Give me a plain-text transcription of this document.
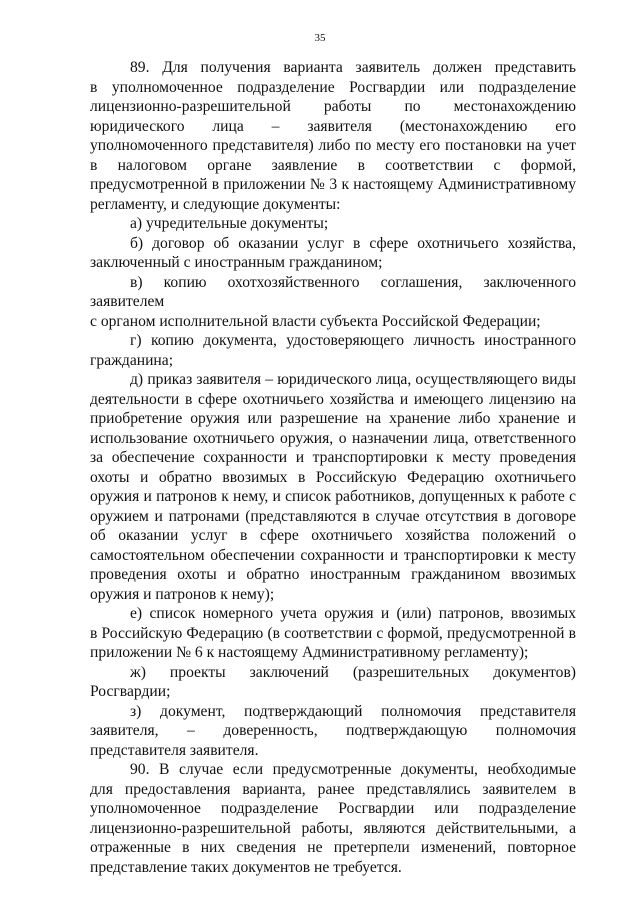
35

89. Для получения варианта заявитель должен представить
в уполномоченное подразделение Росгвардии или подразделение лицензионно-разрешительной работы по местонахождению юридического лица – заявителя (местонахождению его уполномоченного представителя) либо по месту его постановки на учет в налоговом органе заявление в соответствии с формой, предусмотренной в приложении № 3 к настоящему Административному регламенту, и следующие документы:

а) учредительные документы;

б) договор об оказании услуг в сфере охотничьего хозяйства,
заключенный с иностранным гражданином;

в) копию охотхозяйственного соглашения, заключенного заявителем
с органом исполнительной власти субъекта Российской Федерации;

г) копию документа, удостоверяющего личность иностранного
гражданина;

д) приказ заявителя – юридического лица, осуществляющего виды
деятельности в сфере охотничьего хозяйства и имеющего лицензию на приобретение оружия или разрешение на хранение либо хранение и использование охотничьего оружия, о назначении лица, ответственного за обеспечение сохранности и транспортировки к месту проведения охоты и обратно ввозимых в Российскую Федерацию охотничьего оружия и патронов к нему, и список работников, допущенных к работе с оружием и патронами (представляются в случае отсутствия в договоре об оказании услуг в сфере охотничьего хозяйства положений о самостоятельном обеспечении сохранности и транспортировки к месту проведения охоты и обратно иностранным гражданином ввозимых оружия и патронов к нему);

е) список номерного учета оружия и (или) патронов, ввозимых
в Российскую Федерацию (в соответствии с формой, предусмотренной в приложении № 6 к настоящему Административному регламенту);

ж) проекты заключений (разрешительных документов) Росгвардии;

з) документ, подтверждающий полномочия представителя
заявителя, – доверенность, подтверждающую полномочия представителя заявителя.

90. В случае если предусмотренные документы, необходимые
для предоставления варианта, ранее представлялись заявителем в уполномоченное подразделение Росгвардии или подразделение лицензионно-разрешительной работы, являются действительными, а отраженные в них сведения не претерпели изменений, повторное представление таких документов не требуется.
